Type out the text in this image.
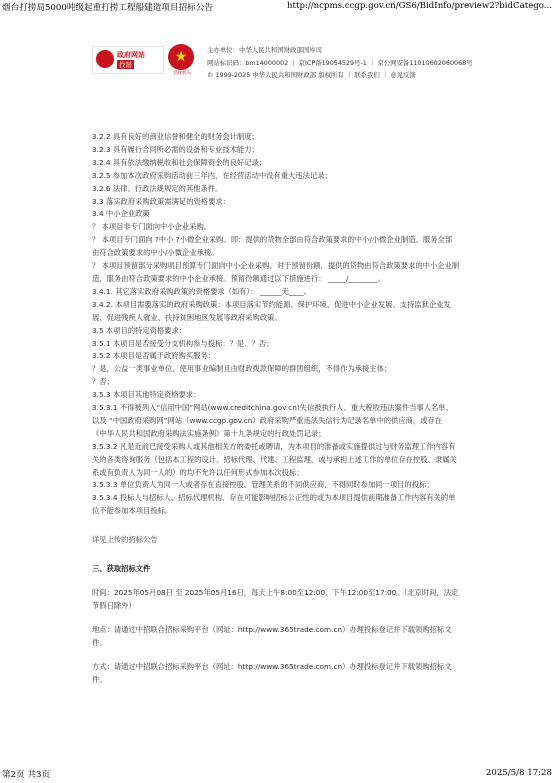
烟台打捞局5000吨级起重打捞工程船建造项目招标公告	http://ncpms.ccgp.gov.cn/GS6/BidInfo/preview2?bidCatego...
政府网站
找错	★
党政机关
主办单位：中华人民共和国财政部国库司
网站标识码：bm14000002 ｜ 京ICP备19054529号-1 ｜ 京公网安备11010602060068号
© 1999-2025 中华人民共和国财政部 版权所有 ｜ 联系我们 ｜ 意见反馈

3.2.2 具有良好的商业信誉和健全的财务会计制度；

3.2.3 具有履行合同所必需的设备和专业技术能力；

3.2.4 具有依法缴纳税收和社会保障资金的良好记录；

3.2.5 参加本次政府采购活动前三年内，在经营活动中没有重大违法记录；

3.2.6 法律、行政法规规定的其他条件。

3.3 落实政府采购政策需满足的资格要求：

3.4 中小企业政策

？ 本项目非专门面向中小企业采购。

？ 本项目专门面向 ?中小 ?小微企业采购。即：提供的货物全部由符合政策要求的中小/小微企业制造、服务全部

由符合政策要求的中小/小微企业承接。

？ 本项目预留部分采购项目预算专门面向中小企业采购。对于预留份额，提供的货物由符合政策要求的中小企业制

造、服务由符合政策要求的中小企业承接。预留份额通过以下措施进行： _____/________。

3.4.1. 其它落实政府采购政策的资格要求（如有）： ______无____。

3.4.2. 本项目需要落实的政府采购政策：本项目落实节约能源、保护环境、促进中小企业发展、支持监狱企业发

展、促进残疾人就业、扶持贫困地区发展等政府采购政策。

3.5 本项目的特定资格要求：

3.5.1 本项目是否接受分支机构参与投标：？是、？否；

3.5.2 本项目是否属于政府购买服务：

？是，公益一类事业单位、使用事业编制且由财政拨款保障的群团组织，不得作为承接主体；

？否；

3.5.3 本项目其他特定资格要求：

3.5.3.1 不得被列入“信用中国”网站(www.creditchina.gov.cn)失信被执行人、重大税收违法案件当事人名单、

以及 “中国政府采购网”网站（www.ccgp.gov.cn）政府采购严重违法失信行为记录名单中的供应商，或存在

《中华人民共和国政府采购法实施条例》第十九条规定的行政处罚记录；

3.5.3.2 凡是近前已接受采购人或其他相关方的委托或聘请，为本项目的准备或实施提供过与财务监理工作内容有

关的各类咨询服务（包括本工程的设计、招标代理、代建、工程监理，或与承担上述工作的单位存在控股、隶属关

系或有负责人为同一人的）的均不允许以任何形式参加本次投标；

3.5.3.3 单位负责人为同一人或者存在直接控股、管理关系的不同供应商，不得同时参加同一项目的投标；

3.5.3.4 投标人与招标人、招标代理机构、存在可能影响招标公正性的或为本项目提供前期准备工作内容有关的单

位不能参加本项目投标。

详见上传的招标公告

三、获取招标文件

时间：2025年05月08日 至 2025年05月16日，每天上午8:00至12:00，下午12:00至17:00。（北京时间，法定

节假日除外）

地点：请通过中招联合招标采购平台（网址：http://www.365trade.com.cn）办理投标登记并下载领购招标文

件。

方式：请通过中招联合招标采购平台（网址：http://www.365trade.com.cn）办理投标登记并下载领购招标文

件。

第2页 共3页	2025/5/8 17:28
